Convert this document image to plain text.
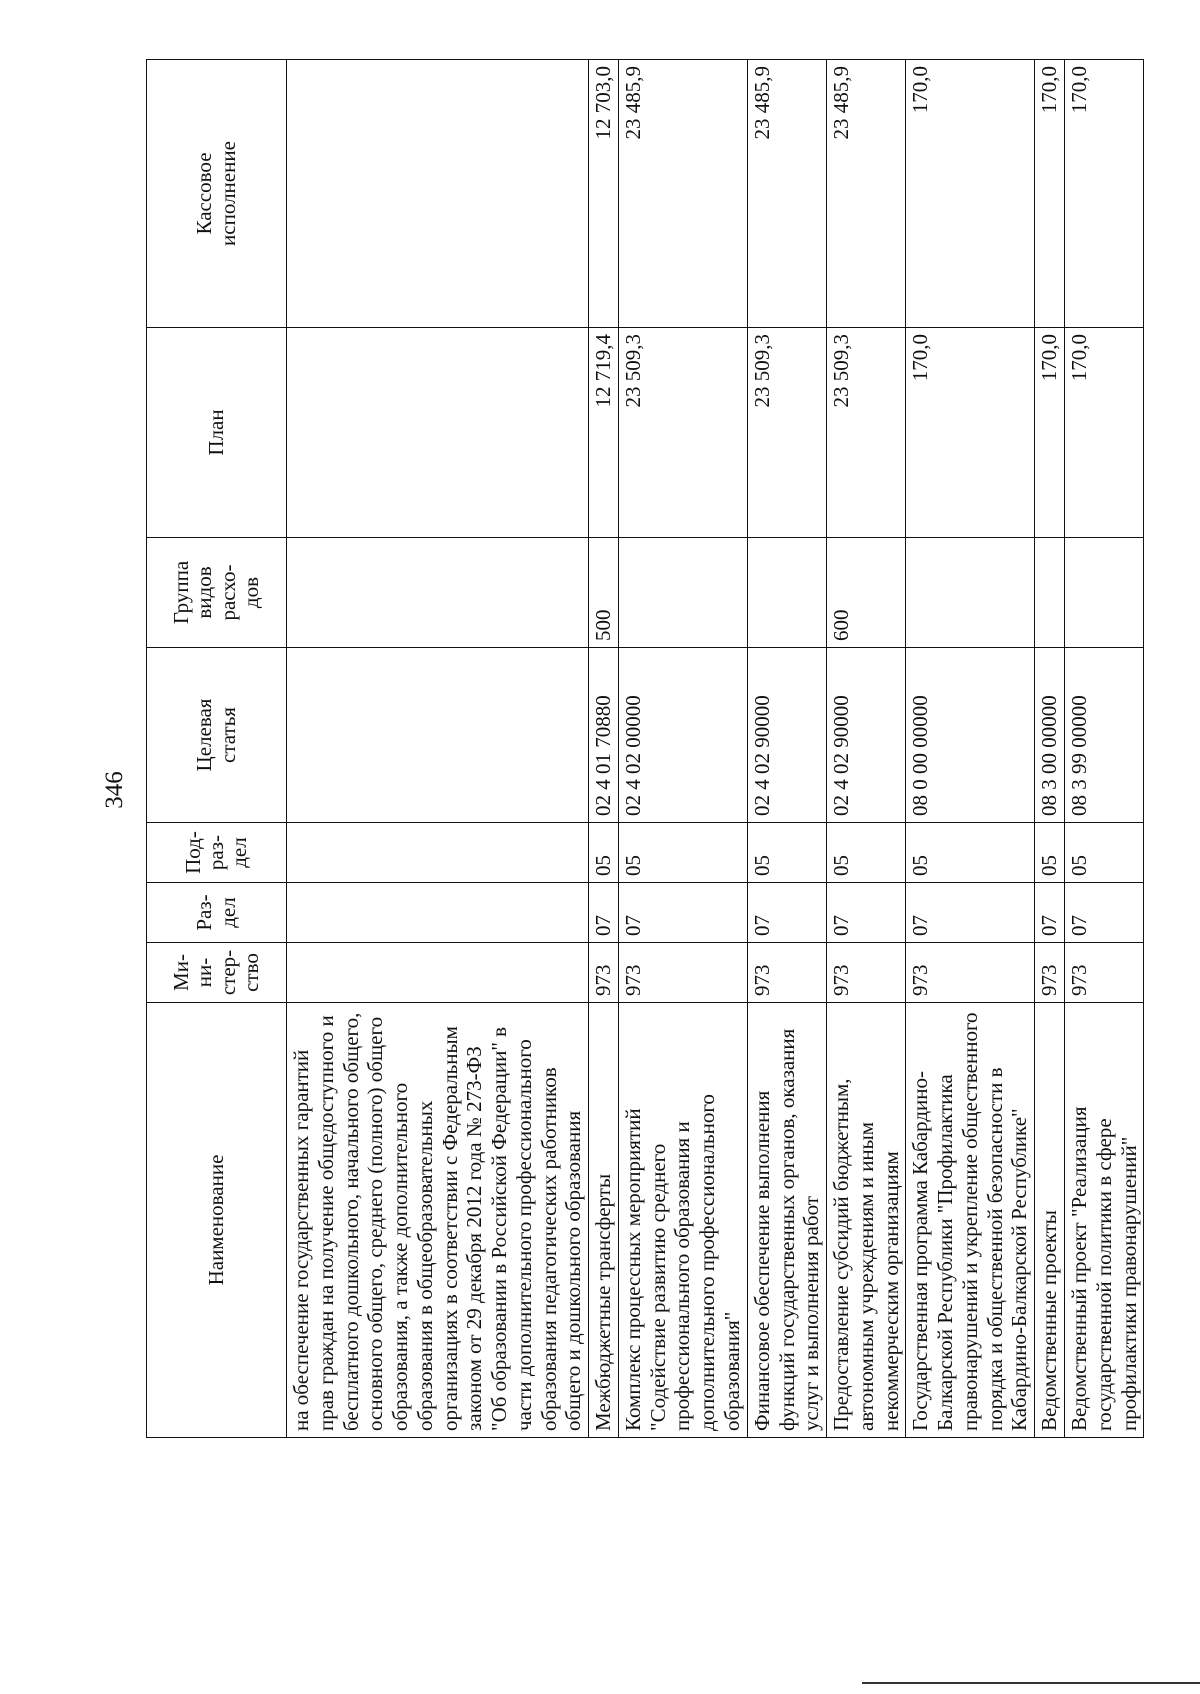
346
Наименование	Ми-
ни-
стер-
ство	Раз-
дел	Под-
раз-
дел	Целевая
статья	Группа
видов
расхо-
дов	План	Кассовое
исполнение
на обеспечение государственных гарантий прав граждан на получение общедоступного и бесплатного дошкольного, начального общего, основного общего, среднего (полного) общего образования, а также дополнительного образования в общеобразовательных организациях в соответствии с Федеральным законом от 29 декабря 2012 года № 273-ФЗ "Об образовании в Российской Федерации" в части дополнительного профессионального образования педагогических работников общего и дошкольного образования							
Межбюджетные трансферты	973	07	05	02 4 01 70880	500	12 719,4	12 703,0
Комплекс процессных мероприятий "Содействие развитию среднего профессионального образования и дополнительного профессионального образования"	973	07	05	02 4 02 00000		23 509,3	23 485,9
Финансовое обеспечение выполнения функций государственных органов, оказания услуг и выполнения работ	973	07	05	02 4 02 90000		23 509,3	23 485,9
Предоставление субсидий бюджетным, автономным учреждениям и иным некоммерческим организациям	973	07	05	02 4 02 90000	600	23 509,3	23 485,9
Государственная программа Кабардино-Балкарской Республики "Профилактика правонарушений и укрепление общественного порядка и общественной безопасности в Кабардино-Балкарской Республике"	973	07	05	08 0 00 00000		170,0	170,0
Ведомственные проекты	973	07	05	08 3 00 00000		170,0	170,0
Ведомственный проект "Реализация государственной политики в сфере профилактики правонарушений"	973	07	05	08 3 99 00000		170,0	170,0
